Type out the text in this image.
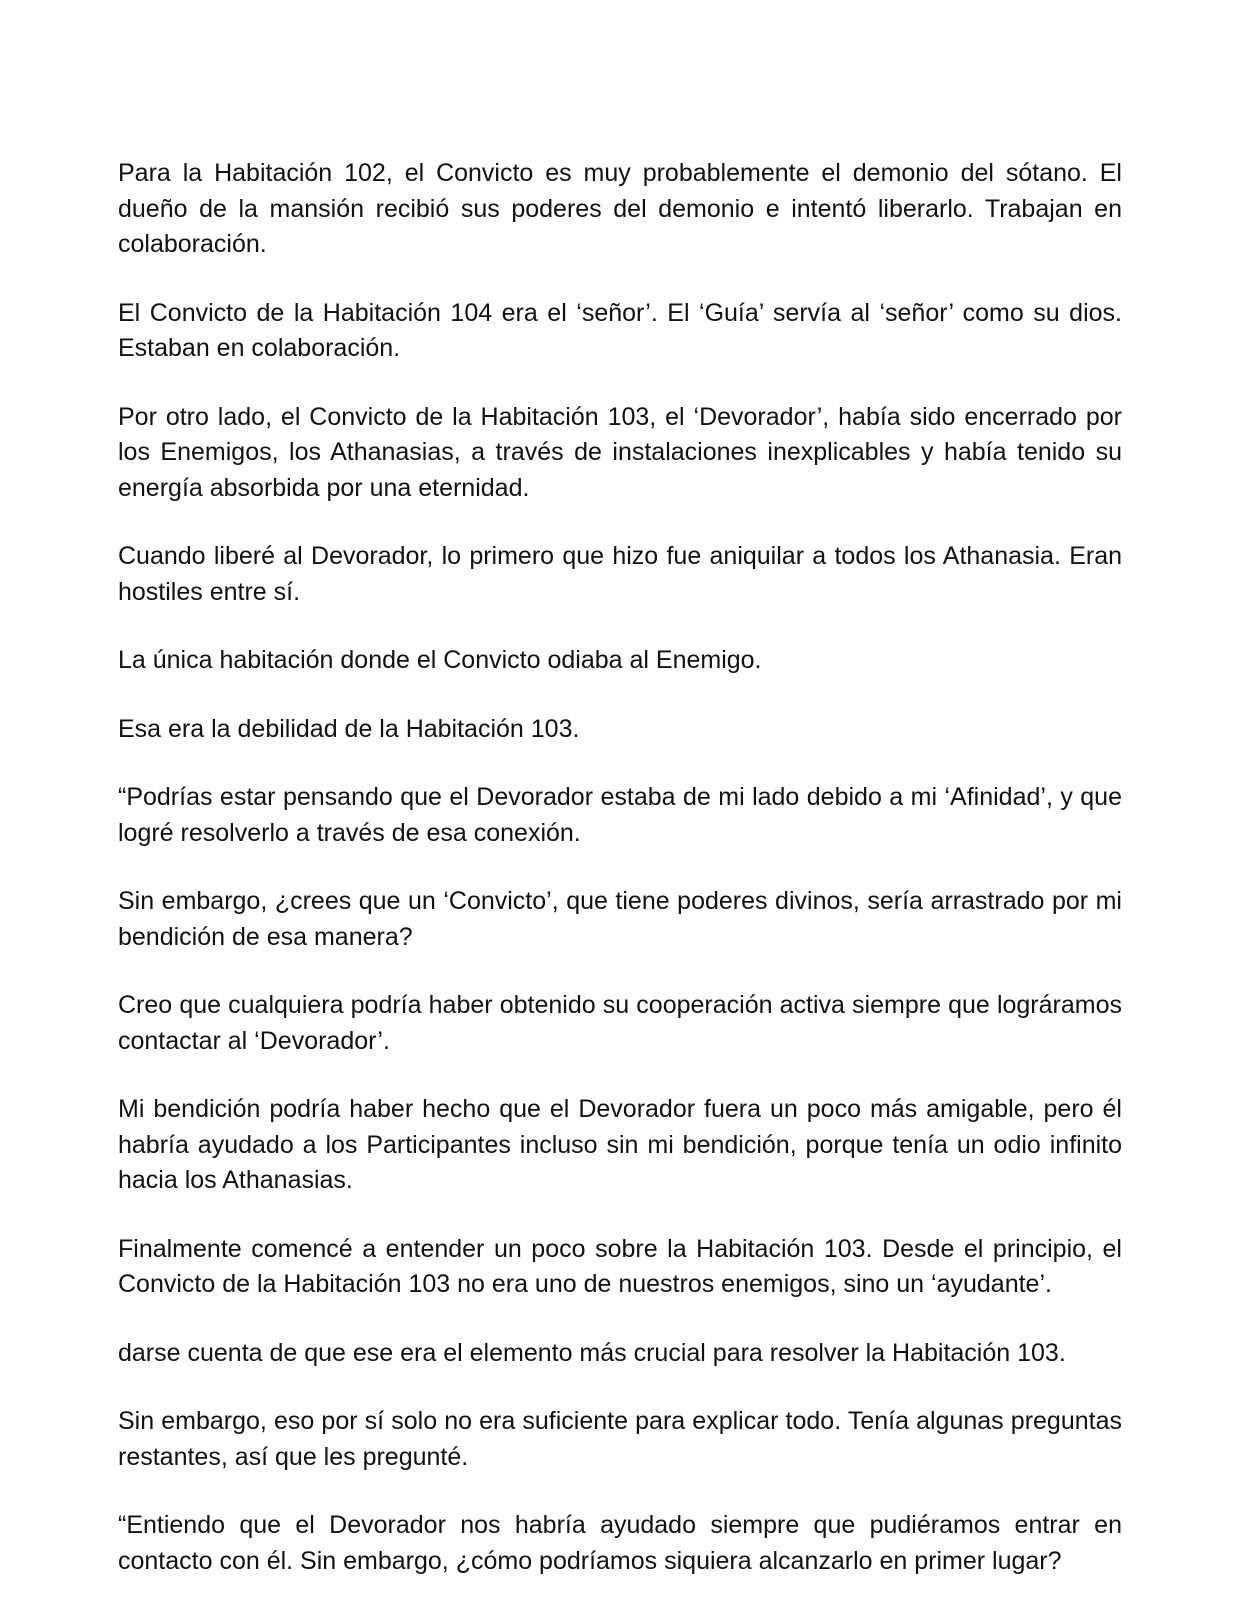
Para la Habitación 102, el Convicto es muy probablemente el demonio del sótano. El dueño de la mansión recibió sus poderes del demonio e intentó liberarlo. Trabajan en colaboración.

El Convicto de la Habitación 104 era el ‘señor’. El ‘Guía’ servía al ‘señor’ como su dios. Estaban en colaboración.

Por otro lado, el Convicto de la Habitación 103, el ‘Devorador’, había sido encerrado por los Enemigos, los Athanasias, a través de instalaciones inexplicables y había tenido su energía absorbida por una eternidad.

Cuando liberé al Devorador, lo primero que hizo fue aniquilar a todos los Athanasia. Eran hostiles entre sí.

La única habitación donde el Convicto odiaba al Enemigo.

Esa era la debilidad de la Habitación 103.

“Podrías estar pensando que el Devorador estaba de mi lado debido a mi ‘Afinidad’, y que logré resolverlo a través de esa conexión.

Sin embargo, ¿crees que un ‘Convicto’, que tiene poderes divinos, sería arrastrado por mi bendición de esa manera?

Creo que cualquiera podría haber obtenido su cooperación activa siempre que lográramos contactar al ‘Devorador’.

Mi bendición podría haber hecho que el Devorador fuera un poco más amigable, pero él habría ayudado a los Participantes incluso sin mi bendición, porque tenía un odio infinito hacia los Athanasias.

Finalmente comencé a entender un poco sobre la Habitación 103. Desde el principio, el Convicto de la Habitación 103 no era uno de nuestros enemigos, sino un ‘ayudante’.

darse cuenta de que ese era el elemento más crucial para resolver la Habitación 103.

Sin embargo, eso por sí solo no era suficiente para explicar todo. Tenía algunas preguntas restantes, así que les pregunté.

“Entiendo que el Devorador nos habría ayudado siempre que pudiéramos entrar en contacto con él. Sin embargo, ¿cómo podríamos siquiera alcanzarlo en primer lugar?
